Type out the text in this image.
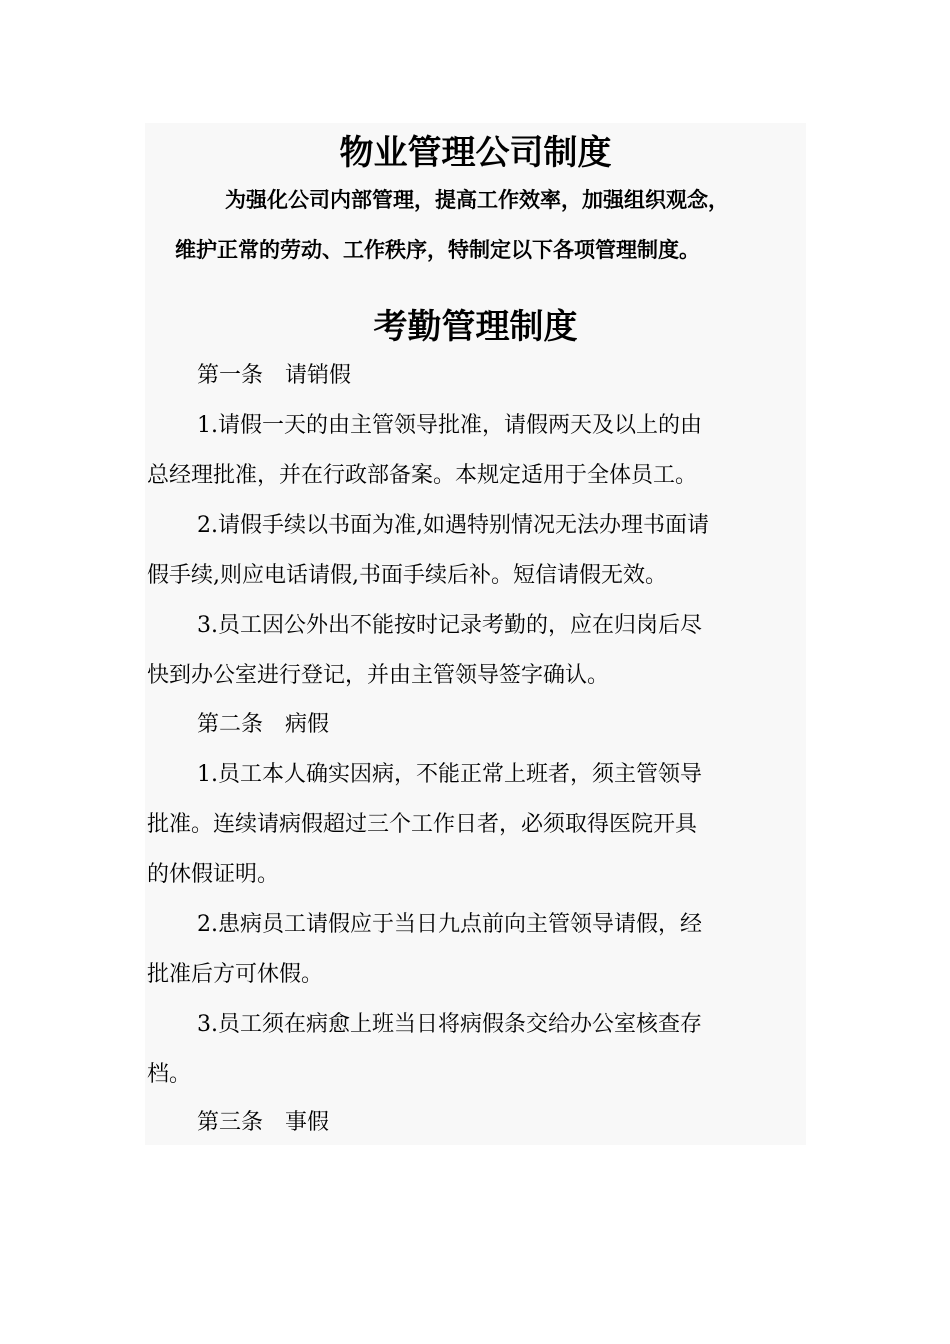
物业管理公司制度

为强化公司内部管理，提高工作效率，加强组织观念，

维护正常的劳动、工作秩序，特制定以下各项管理制度。

考勤管理制度

第一条　请销假

1.请假一天的由主管领导批准，请假两天及以上的由

总经理批准，并在行政部备案。本规定适用于全体员工。

2.请假手续以书面为准,如遇特别情况无法办理书面请

假手续,则应电话请假,书面手续后补。短信请假无效。

3.员工因公外出不能按时记录考勤的，应在归岗后尽

快到办公室进行登记，并由主管领导签字确认。

第二条　病假

1.员工本人确实因病，不能正常上班者，须主管领导

批准。连续请病假超过三个工作日者，必须取得医院开具

的休假证明。

2.患病员工请假应于当日九点前向主管领导请假，经

批准后方可休假。

3.员工须在病愈上班当日将病假条交给办公室核查存

档。

第三条　事假
